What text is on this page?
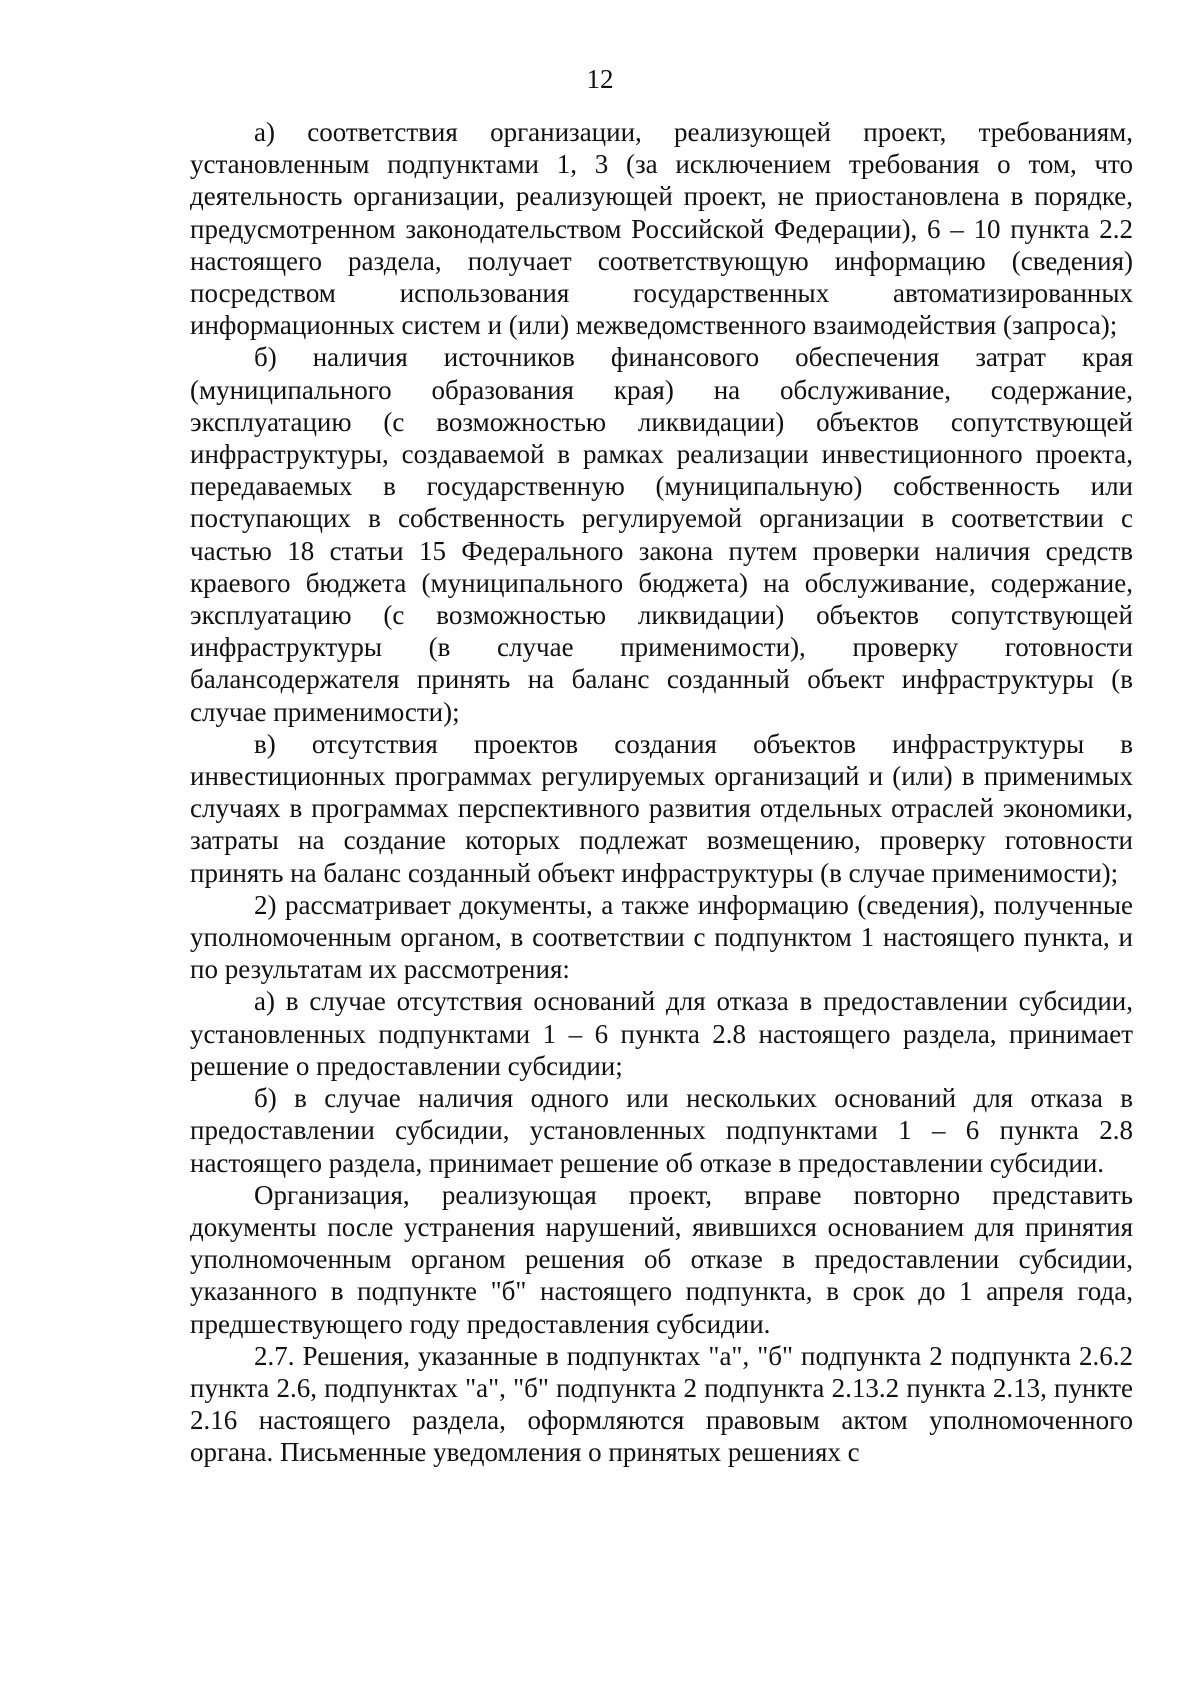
12

а) соответствия организации, реализующей проект, требованиям, установленным подпунктами 1, 3 (за исключением требования о том, что деятельность организации, реализующей проект, не приостановлена в порядке, предусмотренном законодательством Российской Федерации), 6 – 10 пункта 2.2 настоящего раздела, получает соответствующую информацию (сведения) посредством использования государственных автоматизированных информационных систем и (или) межведомственного взаимодействия (запроса);

б) наличия источников финансового обеспечения затрат края (муниципального образования края) на обслуживание, содержание, эксплуатацию (с возможностью ликвидации) объектов сопутствующей инфраструктуры, создаваемой в рамках реализации инвестиционного проекта, передаваемых в государственную (муниципальную) собственность или поступающих в собственность регулируемой организации в соответствии с частью 18 статьи 15 Федерального закона путем проверки наличия средств краевого бюджета (муниципального бюджета) на обслуживание, содержание, эксплуатацию (с возможностью ликвидации) объектов сопутствующей инфраструктуры (в случае применимости), проверку готовности балансодержателя принять на баланс созданный объект инфраструктуры (в случае применимости);

в) отсутствия проектов создания объектов инфраструктуры в инвестиционных программах регулируемых организаций и (или) в применимых случаях в программах перспективного развития отдельных отраслей экономики, затраты на создание которых подлежат возмещению, проверку готовности принять на баланс созданный объект инфраструктуры (в случае применимости);

2) рассматривает документы, а также информацию (сведения), полученные уполномоченным органом, в соответствии с подпунктом 1 настоящего пункта, и по результатам их рассмотрения:

а) в случае отсутствия оснований для отказа в предоставлении субсидии, установленных подпунктами 1 – 6 пункта 2.8 настоящего раздела, принимает решение о предоставлении субсидии;

б) в случае наличия одного или нескольких оснований для отказа в предоставлении субсидии, установленных подпунктами 1 – 6 пункта 2.8 настоящего раздела, принимает решение об отказе в предоставлении субсидии.

Организация, реализующая проект, вправе повторно представить документы после устранения нарушений, явившихся основанием для принятия уполномоченным органом решения об отказе в предоставлении субсидии, указанного в подпункте "б" настоящего подпункта, в срок до 1 апреля года, предшествующего году предоставления субсидии.

2.7. Решения, указанные в подпунктах "а", "б" подпункта 2 подпункта 2.6.2 пункта 2.6, подпунктах "а", "б" подпункта 2 подпункта 2.13.2 пункта 2.13, пункте 2.16 настоящего раздела, оформляются правовым актом уполномоченного органа. Письменные уведомления о принятых решениях с
